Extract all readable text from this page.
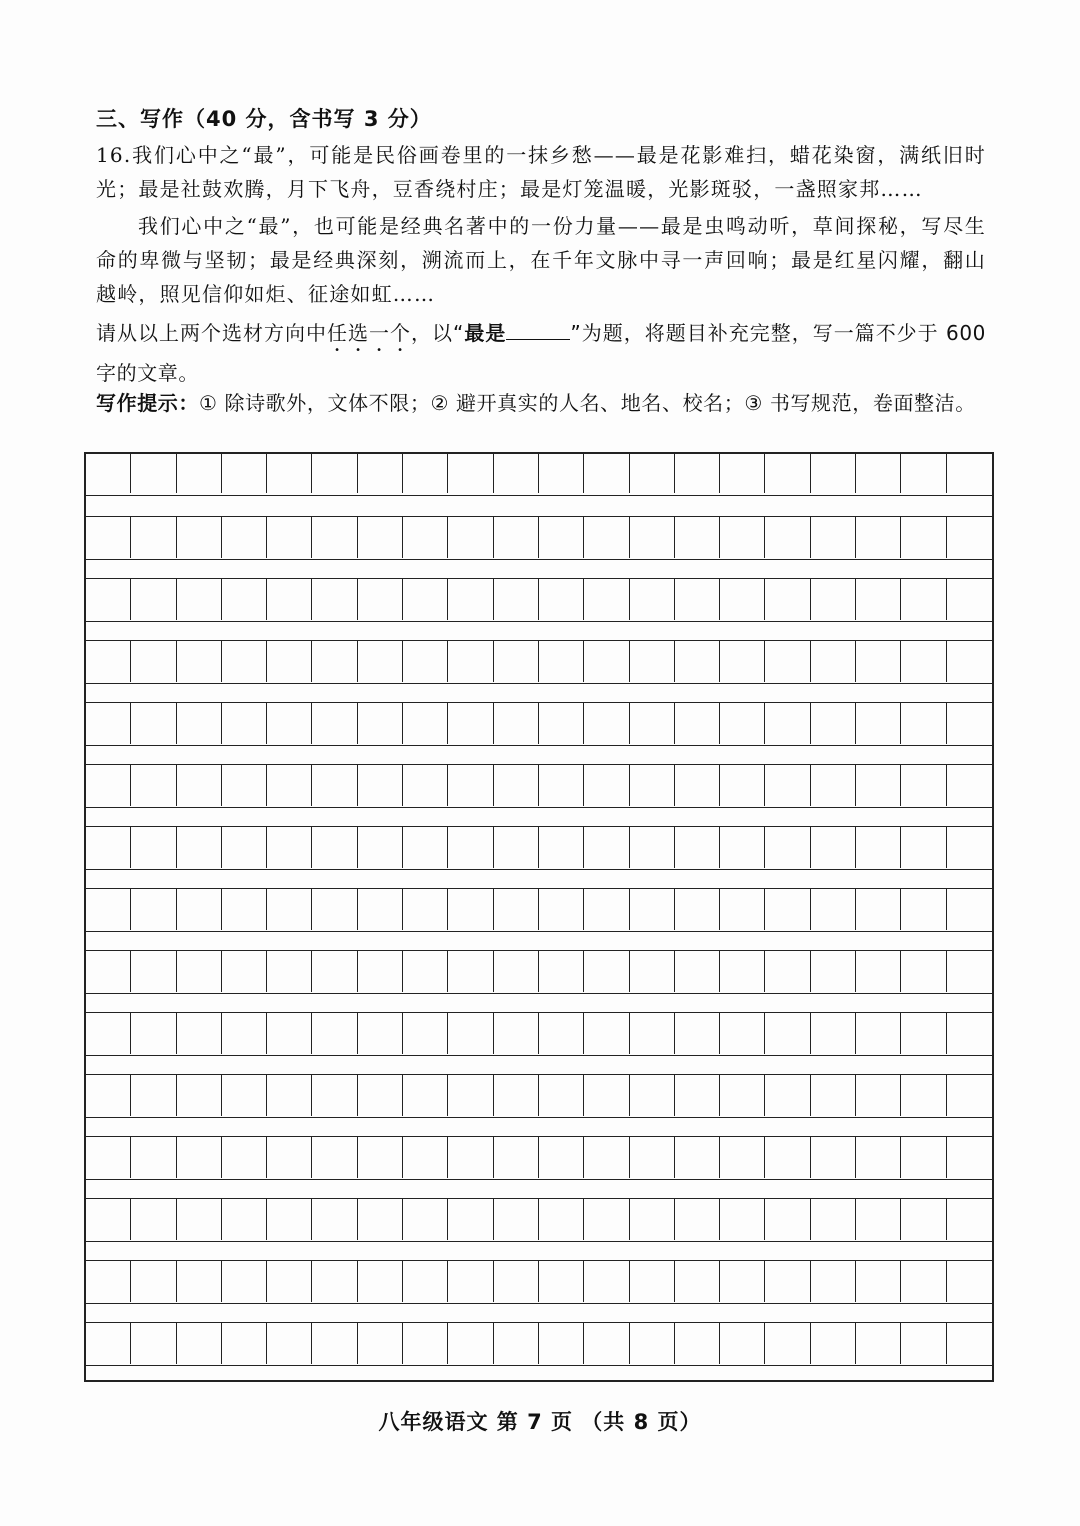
三、写作（40 分，含书写 3 分）
16.我们心中之“最”，可能是民俗画卷里的一抹乡愁——最是花影难扫，蜡花染窗，满纸旧时光；最是社鼓欢腾，月下飞舟，豆香绕村庄；最是灯笼温暖，光影斑驳，一盏照家邦……
我们心中之“最”，也可能是经典名著中的一份力量——最是虫鸣动听，草间探秘，写尽生命的卑微与坚韧；最是经典深刻，溯流而上，在千年文脉中寻一声回响；最是红星闪耀，翻山越岭，照见信仰如炬、征途如虹……
请从以上两个选材方向中任选一个，以“最是	”为题，将题目补充完整，写一篇不少于 600 字的文章。
写作提示：① 除诗歌外，文体不限；② 避开真实的人名、地名、校名；③ 书写规范，卷面整洁。
八年级语文 第 7 页 （共 8 页）
